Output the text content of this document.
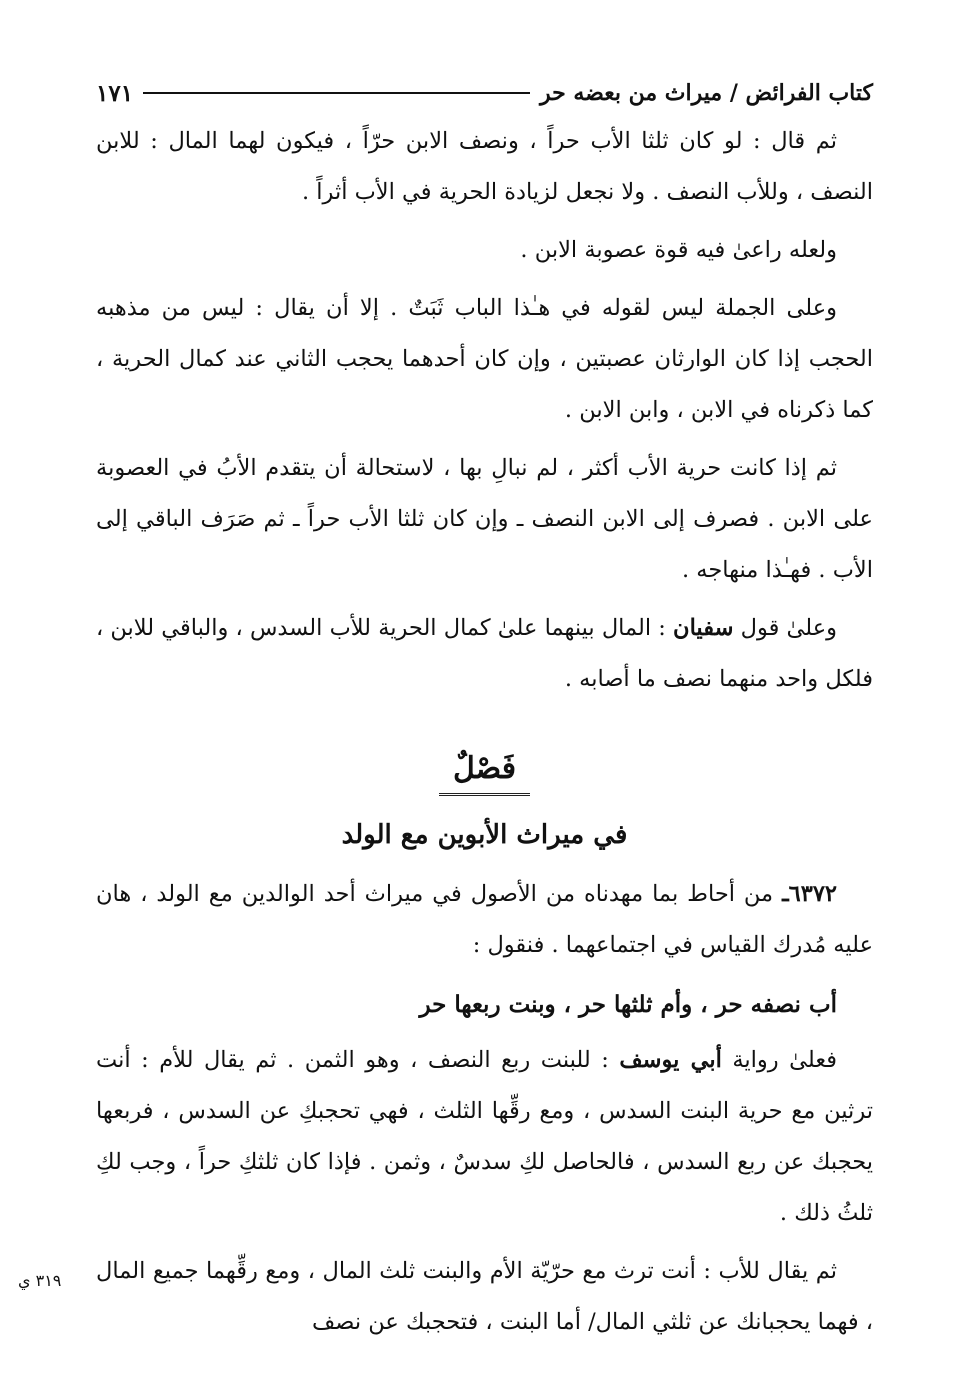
كتاب الفرائض / ميراث من بعضه حر
١٧١

ثم قال : لو كان ثلثا الأب حراً ، ونصف الابن حرّاً ، فيكون لهما المال : للابن النصف ، وللأب النصف . ولا نجعل لزيادة الحرية في الأب أثراً .

ولعله راعىٰ فيه قوة عصوبة الابن .

وعلى الجملة ليس لقوله في هـٰذا الباب ثَبَتٌ . إلا أن يقال : ليس من مذهبه الحجب إذا كان الوارثان عصبتين ، وإن كان أحدهما يحجب الثاني عند كمال الحرية ، كما ذكرناه في الابن ، وابن الابن .

ثم إذا كانت حرية الأب أكثر ، لم نبالِ بها ، لاستحالة أن يتقدم الأبُ في العصوبة على الابن . فصرف إلى الابن النصف ـ وإن كان ثلثا الأب حراً ـ ثم صَرَف الباقي إلى الأب . فهـٰذا منهاجه .

وعلىٰ قول سفيان : المال بينهما علىٰ كمال الحرية للأب السدس ، والباقي للابن ، فلكل واحد منهما نصف ما أصابه .

فَصْلٌ
في ميراث الأبوين مع الولد

٦٣٧٢ـ من أحاط بما مهدناه من الأصول في ميراث أحد الوالدين مع الولد ، هان عليه مُدرك القياس في اجتماعهما . فنقول :

أب نصفه حر ، وأم ثلثها حر ، وبنت ربعها حر

فعلىٰ رواية أبي يوسف : للبنت ربع النصف ، وهو الثمن . ثم يقال للأم : أنت ترثين مع حرية البنت السدس ، ومع رقِّها الثلث ، فهي تحجبكِ عن السدس ، فربعها يحجبك عن ربع السدس ، فالحاصل لكِ سدسٌ ، وثمن . فإذا كان ثلثكِ حراً ، وجب لكِ ثلثُ ذلك .

ثم يقال للأب : أنت ترث مع حرّيّة الأم والبنت ثلث المال ، ومع رقِّهما جميع المال ، فهما يحجبانك عن ثلثي المال/ أما البنت ، فتحجبك عن نصف

٣١٩ ي
